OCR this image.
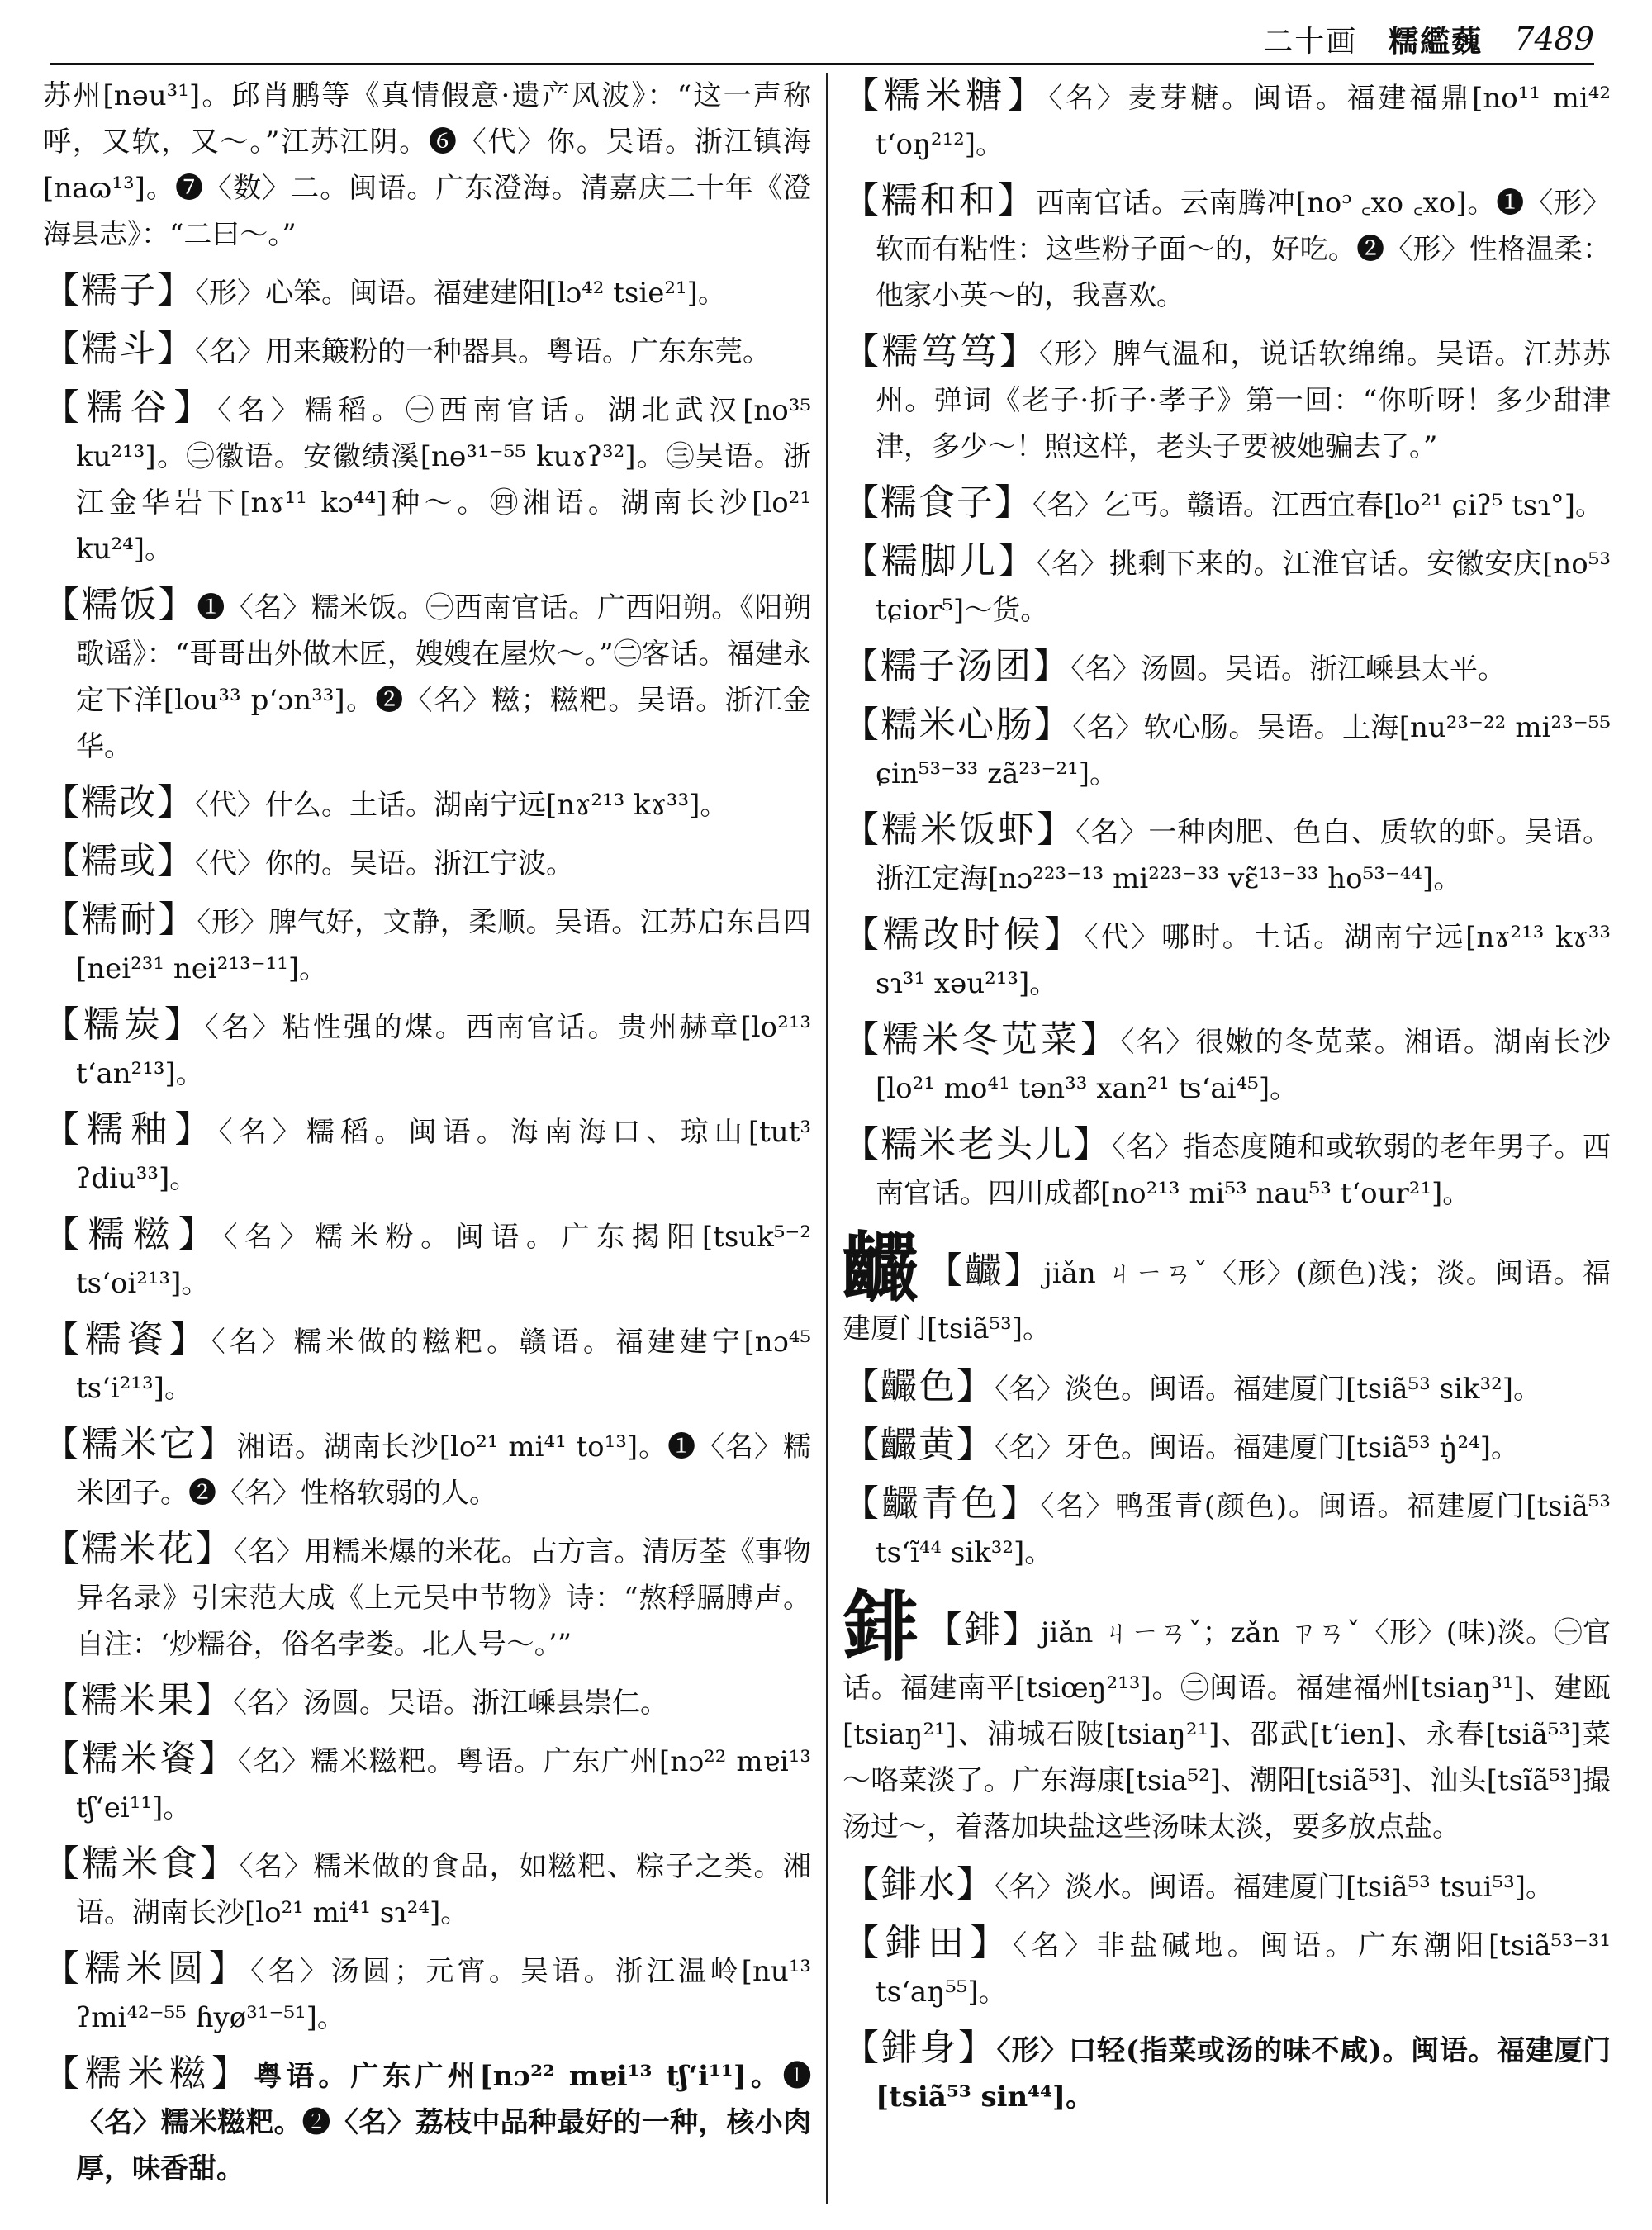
二十画 糯繿蘶 7489

苏州[nəu³¹]。邱肖鹏等《真情假意·遗产风波》：“这一声称呼，又软，又～。”江苏江阴。❻〈代〉你。吴语。浙江镇海[naɷ¹³]。❼〈数〉二。闽语。广东澄海。清嘉庆二十年《澄海县志》：“二曰～。”

【糯子】〈形〉心笨。闽语。福建建阳[lɔ⁴² tsie²¹]。

【糯斗】〈名〉用来簸粉的一种器具。粤语。广东东莞。

【糯谷】〈名〉糯稻。㊀西南官话。湖北武汉[no³⁵ ku²¹³]。㊁徽语。安徽绩溪[nɵ³¹⁻⁵⁵ kuɤʔ³²]。㊂吴语。浙江金华岩下[nɤ¹¹ kɔ⁴⁴]种～。㊃湘语。湖南长沙[lo²¹ ku²⁴]。

【糯饭】❶〈名〉糯米饭。㊀西南官话。广西阳朔。《阳朔歌谣》：“哥哥出外做木匠，嫂嫂在屋炊～。”㊁客话。福建永定下洋[lou³³ p‘ɔn³³]。❷〈名〉糍；糍粑。吴语。浙江金华。

【糯改】〈代〉什么。土话。湖南宁远[nɤ²¹³ kɤ³³]。

【糯或】〈代〉你的。吴语。浙江宁波。

【糯耐】〈形〉脾气好，文静，柔顺。吴语。江苏启东吕四[nei²³¹ nei²¹³⁻¹¹]。

【糯炭】〈名〉粘性强的煤。西南官话。贵州赫章[lo²¹³ t‘an²¹³]。

【糯釉】〈名〉糯稻。闽语。海南海口、琼山[tut³ ʔdiu³³]。

【糯糍】〈名〉糯米粉。闽语。广东揭阳[tsuk⁵⁻² ts‘oi²¹³]。

【糯餈】〈名〉糯米做的糍粑。赣语。福建建宁[nɔ⁴⁵ ts‘i²¹³]。

【糯米它】湘语。湖南长沙[lo²¹ mi⁴¹ to¹³]。❶〈名〉糯米团子。❷〈名〉性格软弱的人。

【糯米花】〈名〉用糯米爆的米花。古方言。清厉荃《事物异名录》引宋范大成《上元吴中节物》诗：“熬稃膈膊声。自注：‘炒糯谷，俗名孛娄。北人号～。’”

【糯米果】〈名〉汤圆。吴语。浙江嵊县崇仁。

【糯米餈】〈名〉糯米糍粑。粤语。广东广州[nɔ²² mɐi¹³ tʃ‘ei¹¹]。

【糯米食】〈名〉糯米做的食品，如糍粑、粽子之类。湘语。湖南长沙[lo²¹ mi⁴¹ sɿ²⁴]。

【糯米圆】〈名〉汤圆；元宵。吴语。浙江温岭[nu¹³ ʔmi⁴²⁻⁵⁵ ɦyø³¹⁻⁵¹]。

【糯米糍】粤语。广东广州[nɔ²² mɐi¹³ tʃ‘i¹¹]。❶〈名〉糯米糍粑。❷〈名〉荔枝中品种最好的一种，核小肉厚，味香甜。

【糯米糖】〈名〉麦芽糖。闽语。福建福鼎[no¹¹ mi⁴² t‘oŋ²¹²]。

【糯和和】西南官话。云南腾冲[noᵓ ꜀xo ꜀xo]。❶〈形〉软而有粘性：这些粉子面～的，好吃。❷〈形〉性格温柔：他家小英～的，我喜欢。

【糯笃笃】〈形〉脾气温和，说话软绵绵。吴语。江苏苏州。弹词《老子·折子·孝子》第一回：“你听呀！多少甜津津，多少～！照这样，老头子要被她骗去了。”

【糯食子】〈名〉乞丐。赣语。江西宜春[lo²¹ ɕiʔ⁵ tsɿ°]。

【糯脚儿】〈名〉挑剩下来的。江淮官话。安徽安庆[no⁵³ tɕior⁵]～货。

【糯子汤团】〈名〉汤圆。吴语。浙江嵊县太平。

【糯米心肠】〈名〉软心肠。吴语。上海[nu²³⁻²² mi²³⁻⁵⁵ ɕin⁵³⁻³³ zã²³⁻²¹]。

【糯米饭虾】〈名〉一种肉肥、色白、质软的虾。吴语。浙江定海[nɔ²²³⁻¹³ mi²²³⁻³³ vɛ̃¹³⁻³³ ho⁵³⁻⁴⁴]。

【糯改时候】〈代〉哪时。土话。湖南宁远[nɤ²¹³ kɤ³³ sɿ³¹ xəu²¹³]。

【糯米冬苋菜】〈名〉很嫩的冬苋菜。湘语。湖南长沙[lo²¹ mo⁴¹ tən³³ xan²¹ ʦ‘ai⁴⁵]。

【糯米老头儿】〈名〉指态度随和或软弱的老年男子。西南官话。四川成都[no²¹³ mi⁵³ nau⁵³ t‘our²¹]。

䶫 【䶫】jiǎn ㄐㄧㄢˇ〈形〉(颜色)浅；淡。闽语。福建厦门[tsiã⁵³]。

【䶫色】〈名〉淡色。闽语。福建厦门[tsiã⁵³ sik³²]。

【䶫黄】〈名〉牙色。闽语。福建厦门[tsiã⁵³ ŋ̍²⁴]。

【䶫青色】〈名〉鸭蛋青(颜色)。闽语。福建厦门[tsiã⁵³ ts‘ĩ⁴⁴ sik³²]。

䤵 【䤵】jiǎn ㄐㄧㄢˇ；zǎn ㄗㄢˇ〈形〉(味)淡。㊀官话。福建南平[tsiœŋ²¹³]。㊁闽语。福建福州[tsiaŋ³¹]、建瓯[tsiaŋ²¹]、浦城石陂[tsiaŋ²¹]、邵武[t‘ien]、永春[tsiã⁵³]菜～咯菜淡了。广东海康[tsia⁵²]、潮阳[tsiã⁵³]、汕头[tsĩã⁵³]撮汤过～，着落加块盐这些汤味太淡，要多放点盐。

【䤵水】〈名〉淡水。闽语。福建厦门[tsiã⁵³ tsui⁵³]。

【䤵田】〈名〉非盐碱地。闽语。广东潮阳[tsiã⁵³⁻³¹ ts‘aŋ⁵⁵]。

【䤵身】〈形〉口轻(指菜或汤的味不咸)。闽语。福建厦门[tsiã⁵³ sin⁴⁴]。
